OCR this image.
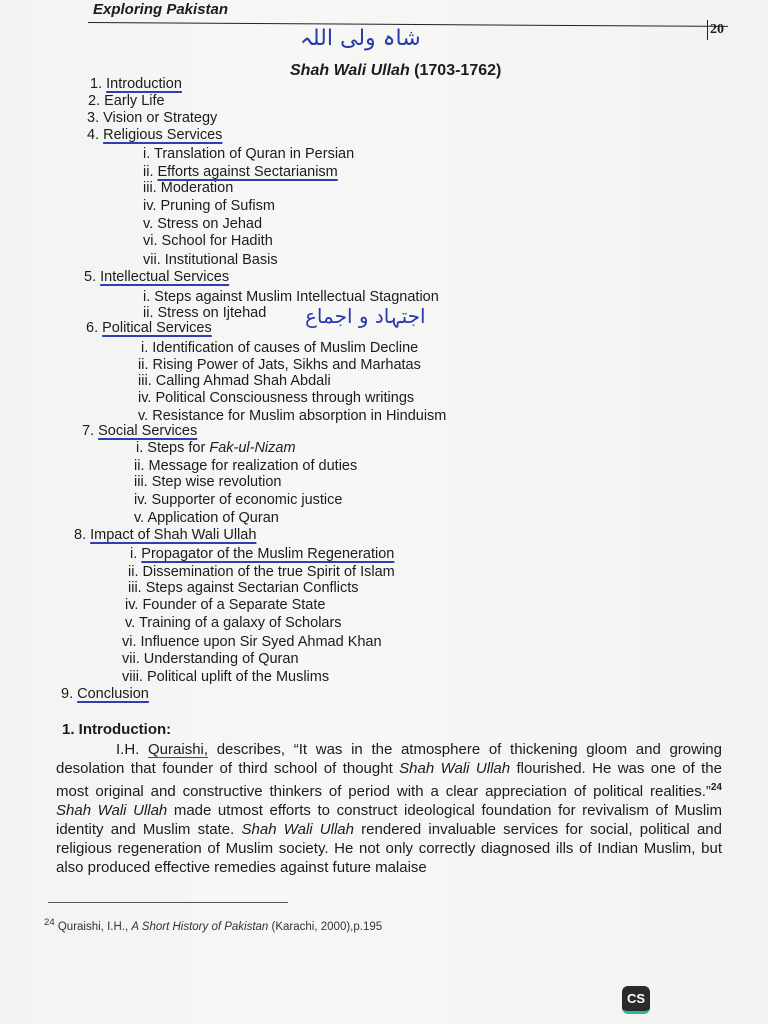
Exploring Pakistan
20
شاہ ولی اللہ
Shah Wali Ullah (1703-1762)
1. Introduction
2. Early Life
3. Vision or Strategy
4. Religious Services
i. Translation of Quran in Persian
ii. Efforts against Sectarianism
iii. Moderation
iv. Pruning of Sufism
v. Stress on Jehad
vi. School for Hadith
vii. Institutional Basis
5. Intellectual Services
i. Steps against Muslim Intellectual Stagnation
ii. Stress on Ijtehad
6. Political Services
i. Identification of causes of Muslim Decline
ii. Rising Power of Jats, Sikhs and Marhatas
iii. Calling Ahmad Shah Abdali
iv. Political Consciousness through writings
v. Resistance for Muslim absorption in Hinduism
7. Social Services
i. Steps for Fak-ul-Nizam
ii. Message for realization of duties
iii. Step wise revolution
iv. Supporter of economic justice
v. Application of Quran
8. Impact of Shah Wali Ullah
i. Propagator of the Muslim Regeneration
ii. Dissemination of the true Spirit of Islam
iii. Steps against Sectarian Conflicts
iv. Founder of a Separate State
v. Training of a galaxy of Scholars
vi. Influence upon Sir Syed Ahmad Khan
vii. Understanding of Quran
viii. Political uplift of the Muslims
9. Conclusion
اجتہاد و اجماع
1. Introduction:
I.H. Quraishi, describes, “It was in the atmosphere of thickening gloom and growing desolation that founder of third school of thought Shah Wali Ullah flourished. He was one of the most original and constructive thinkers of period with a clear appreciation of political realities.”$^{24}$ Shah Wali Ullah made utmost efforts to construct ideological foundation for revivalism of Muslim identity and Muslim state. Shah Wali Ullah rendered invaluable services for social, political and religious regeneration of Muslim society. He not only correctly diagnosed ills of Indian Muslim, but also produced effective remedies against future malaise
$^{24}$ Quraishi, I.H., A Short History of Pakistan (Karachi, 2000),p.195
CS
